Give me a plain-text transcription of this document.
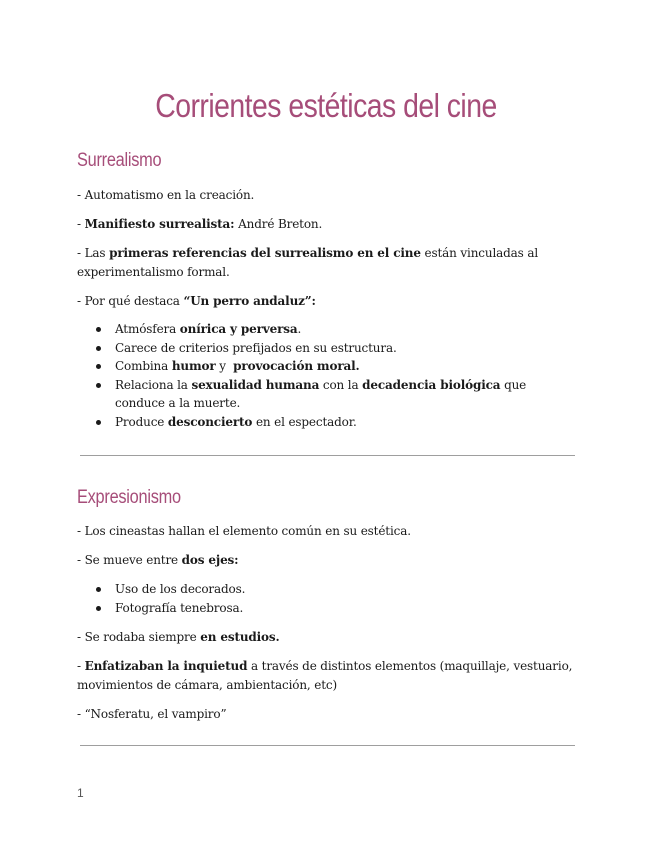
Corrientes estéticas del cine
Surrealismo

- Automatismo en la creación.

- Manifiesto surrealista: André Breton.

- Las primeras referencias del surrealismo en el cine están vinculadas al experimentalismo formal.

- Por qué destaca “Un perro andaluz”:

Atmósfera onírica y perversa.
Carece de criterios prefijados en su estructura.
Combina humor y  provocación moral.
Relaciona la sexualidad humana con la decadencia biológica que conduce a la muerte.
Produce desconcierto en el espectador.
Expresionismo

- Los cineastas hallan el elemento común en su estética.

- Se mueve entre dos ejes:

Uso de los decorados.
Fotografía tenebrosa.

- Se rodaba siempre en estudios.

- Enfatizaban la inquietud a través de distintos elementos (maquillaje, vestuario, movimientos de cámara, ambientación, etc)

- “Nosferatu, el vampiro”

1
